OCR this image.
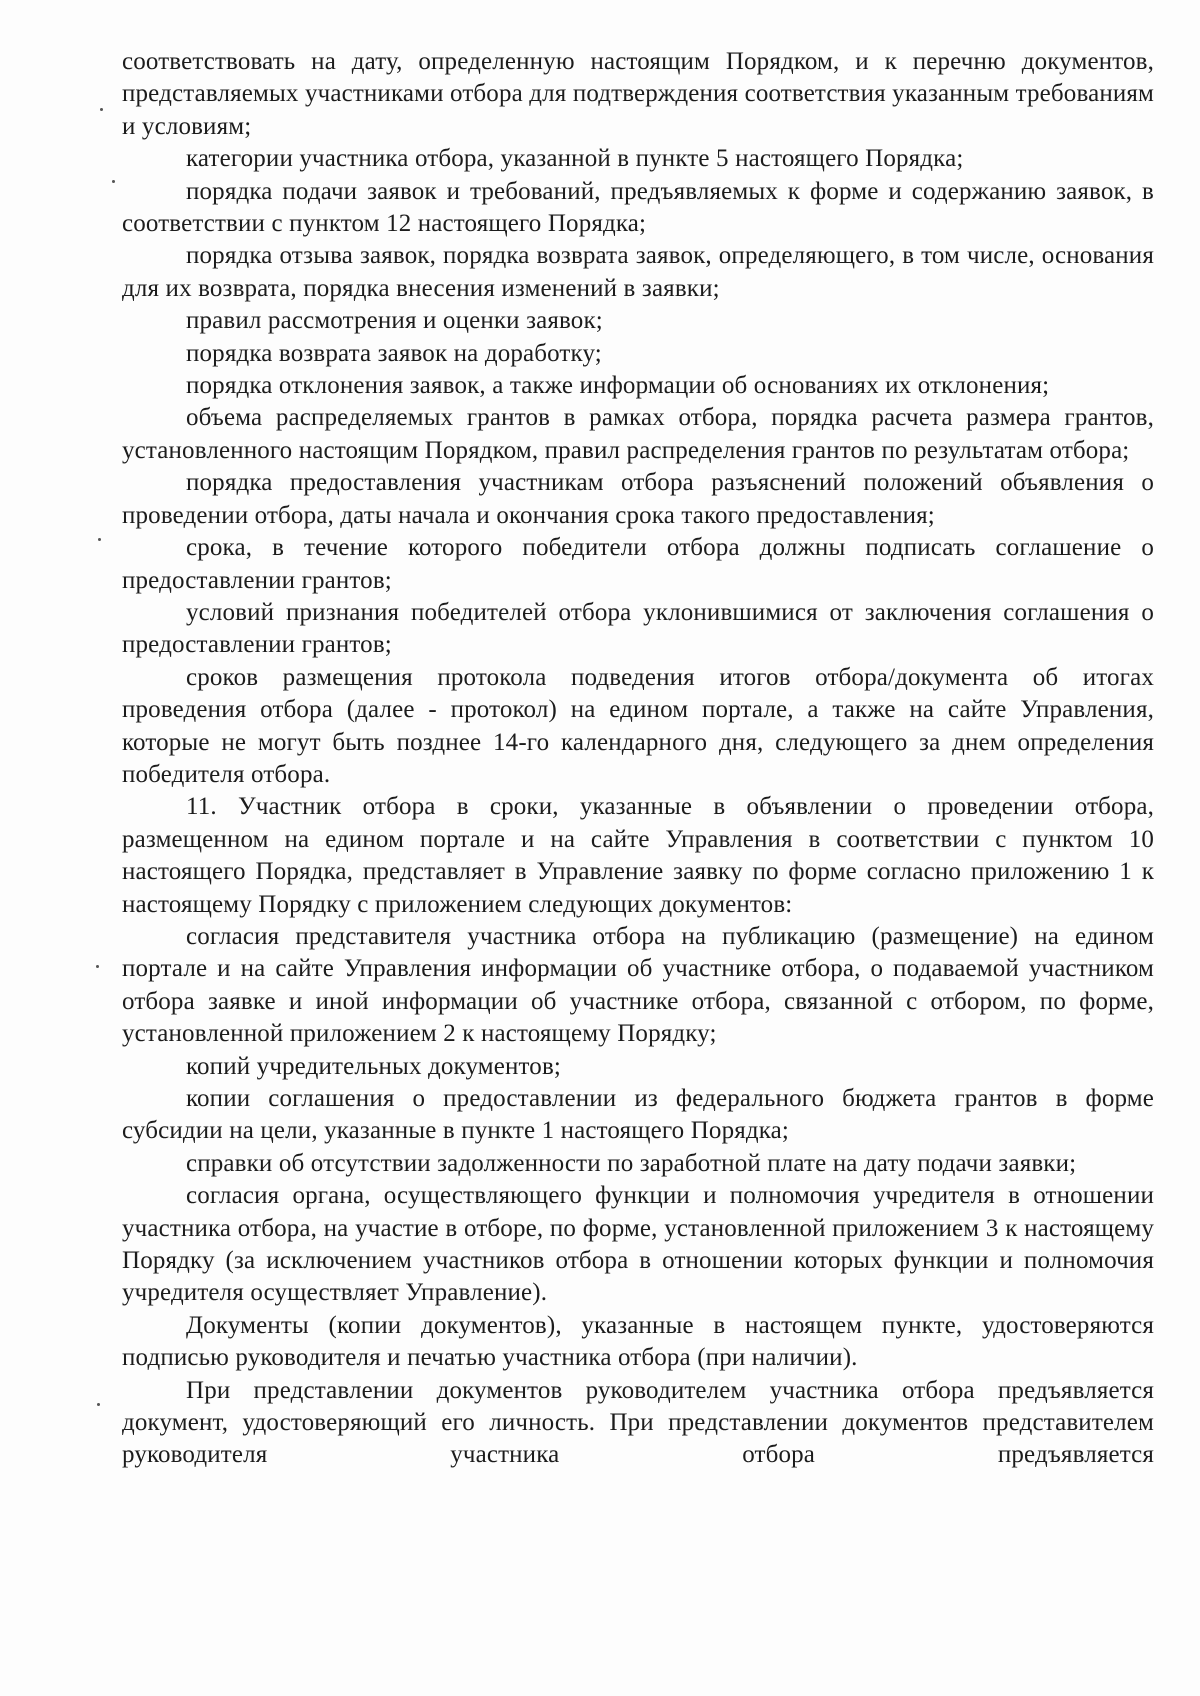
соответствовать на дату, определенную настоящим Порядком, и к перечню документов, представляемых участниками отбора для подтверждения соответствия указанным требованиям и условиям;

категории участника отбора, указанной в пункте 5 настоящего Порядка;

порядка подачи заявок и требований, предъявляемых к форме и содержанию заявок, в соответствии с пунктом 12 настоящего Порядка;

порядка отзыва заявок, порядка возврата заявок, определяющего, в том числе, основания для их возврата, порядка внесения изменений в заявки;

правил рассмотрения и оценки заявок;

порядка возврата заявок на доработку;

порядка отклонения заявок, а также информации об основаниях их отклонения;

объема распределяемых грантов в рамках отбора, порядка расчета размера грантов, установленного настоящим Порядком, правил распределения грантов по результатам отбора;

порядка предоставления участникам отбора разъяснений положений объявления о проведении отбора, даты начала и окончания срока такого предоставления;

срока, в течение которого победители отбора должны подписать соглашение о предоставлении грантов;

условий признания победителей отбора уклонившимися от заключения соглашения о предоставлении грантов;

сроков размещения протокола подведения итогов отбора/документа об итогах проведения отбора (далее - протокол) на едином портале, а также на сайте Управления, которые не могут быть позднее 14-го календарного дня, следующего за днем определения победителя отбора.

11. Участник отбора в сроки, указанные в объявлении о проведении отбора, размещенном на едином портале и на сайте Управления в соответствии с пунктом 10 настоящего Порядка, представляет в Управление заявку по форме согласно приложению 1 к настоящему Порядку с приложением следующих документов:

согласия представителя участника отбора на публикацию (размещение) на едином портале и на сайте Управления информации об участнике отбора, о подаваемой участником отбора заявке и иной информации об участнике отбора, связанной с отбором, по форме, установленной приложением 2 к настоящему Порядку;

копий учредительных документов;

копии соглашения о предоставлении из федерального бюджета грантов в форме субсидии на цели, указанные в пункте 1 настоящего Порядка;

справки об отсутствии задолженности по заработной плате на дату подачи заявки;

согласия органа, осуществляющего функции и полномочия учредителя в отношении участника отбора, на участие в отборе, по форме, установленной приложением 3 к настоящему Порядку (за исключением участников отбора в отношении которых функции и полномочия учредителя осуществляет Управление).

Документы (копии документов), указанные в настоящем пункте, удостоверяются подписью руководителя и печатью участника отбора (при наличии).

При представлении документов руководителем участника отбора предъявляется документ, удостоверяющий его личность. При представлении документов представителем руководителя участника отбора предъявляется
